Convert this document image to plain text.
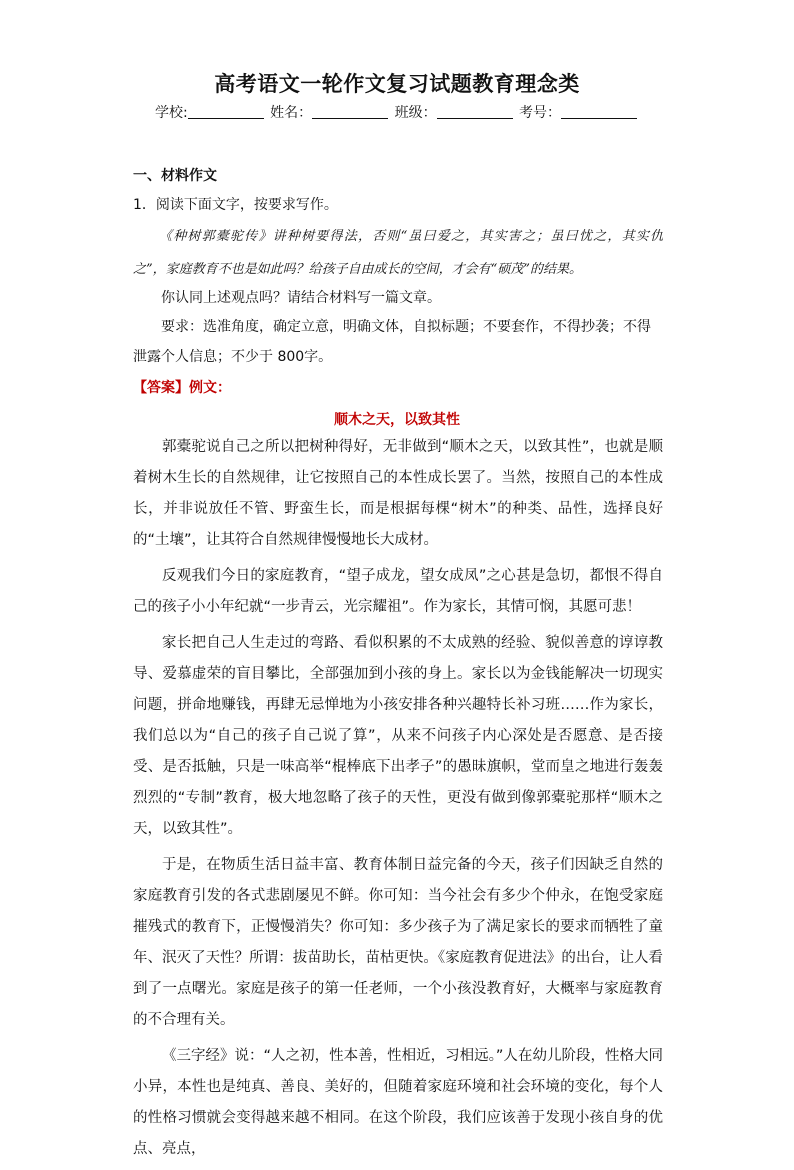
高考语文一轮作文复习试题教育理念类
学校:	姓名：	班级：	考号：
一、材料作文
1．阅读下面文字，按要求写作。

《种树郭橐驼传》讲种树要得法，否则“虽曰爱之，其实害之；虽曰忧之，其实仇

之”，家庭教育不也是如此吗？给孩子自由成长的空间，才会有“硕茂”的结果。

你认同上述观点吗？请结合材料写一篇文章。

要求：选准角度，确定立意，明确文体，自拟标题；不要套作，不得抄袭；不得泄露个人信息；不少于 800字。

【答案】例文：
顺木之天，以致其性

郭橐驼说自己之所以把树种得好，无非做到“顺木之天，以致其性”，也就是顺着树木生长的自然规律，让它按照自己的本性成长罢了。当然，按照自己的本性成长，并非说放任不管、野蛮生长，而是根据每棵“树木”的种类、品性，选择良好的“土壤”，让其符合自然规律慢慢地长大成材。

反观我们今日的家庭教育，“望子成龙，望女成凤”之心甚是急切，都恨不得自己的孩子小小年纪就“一步青云，光宗耀祖”。作为家长，其情可悯，其愿可悲！

家长把自己人生走过的弯路、看似积累的不太成熟的经验、貌似善意的谆谆教导、爱慕虚荣的盲目攀比，全部强加到小孩的身上。家长以为金钱能解决一切现实问题，拼命地赚钱，再肆无忌惮地为小孩安排各种兴趣特长补习班……作为家长，我们总以为“自己的孩子自己说了算”，从来不问孩子内心深处是否愿意、是否接受、是否抵触，只是一味高举“棍棒底下出孝子”的愚昧旗帜，堂而皇之地进行轰轰烈烈的“专制”教育，极大地忽略了孩子的天性，更没有做到像郭橐驼那样“顺木之天，以致其性”。

于是，在物质生活日益丰富、教育体制日益完备的今天，孩子们因缺乏自然的家庭教育引发的各式悲剧屡见不鲜。你可知：当今社会有多少个仲永，在饱受家庭摧残式的教育下，正慢慢消失？你可知：多少孩子为了满足家长的要求而牺牲了童年、泯灭了天性？所谓：拔苗助长，苗枯更快。《家庭教育促进法》的出台，让人看到了一点曙光。家庭是孩子的第一任老师，一个小孩没教育好，大概率与家庭教育的不合理有关。

《三字经》说：“人之初，性本善，性相近，习相远。”人在幼儿阶段，性格大同小异，本性也是纯真、善良、美好的，但随着家庭环境和社会环境的变化，每个人的性格习惯就会变得越来越不相同。在这个阶段，我们应该善于发现小孩自身的优点、亮点，
